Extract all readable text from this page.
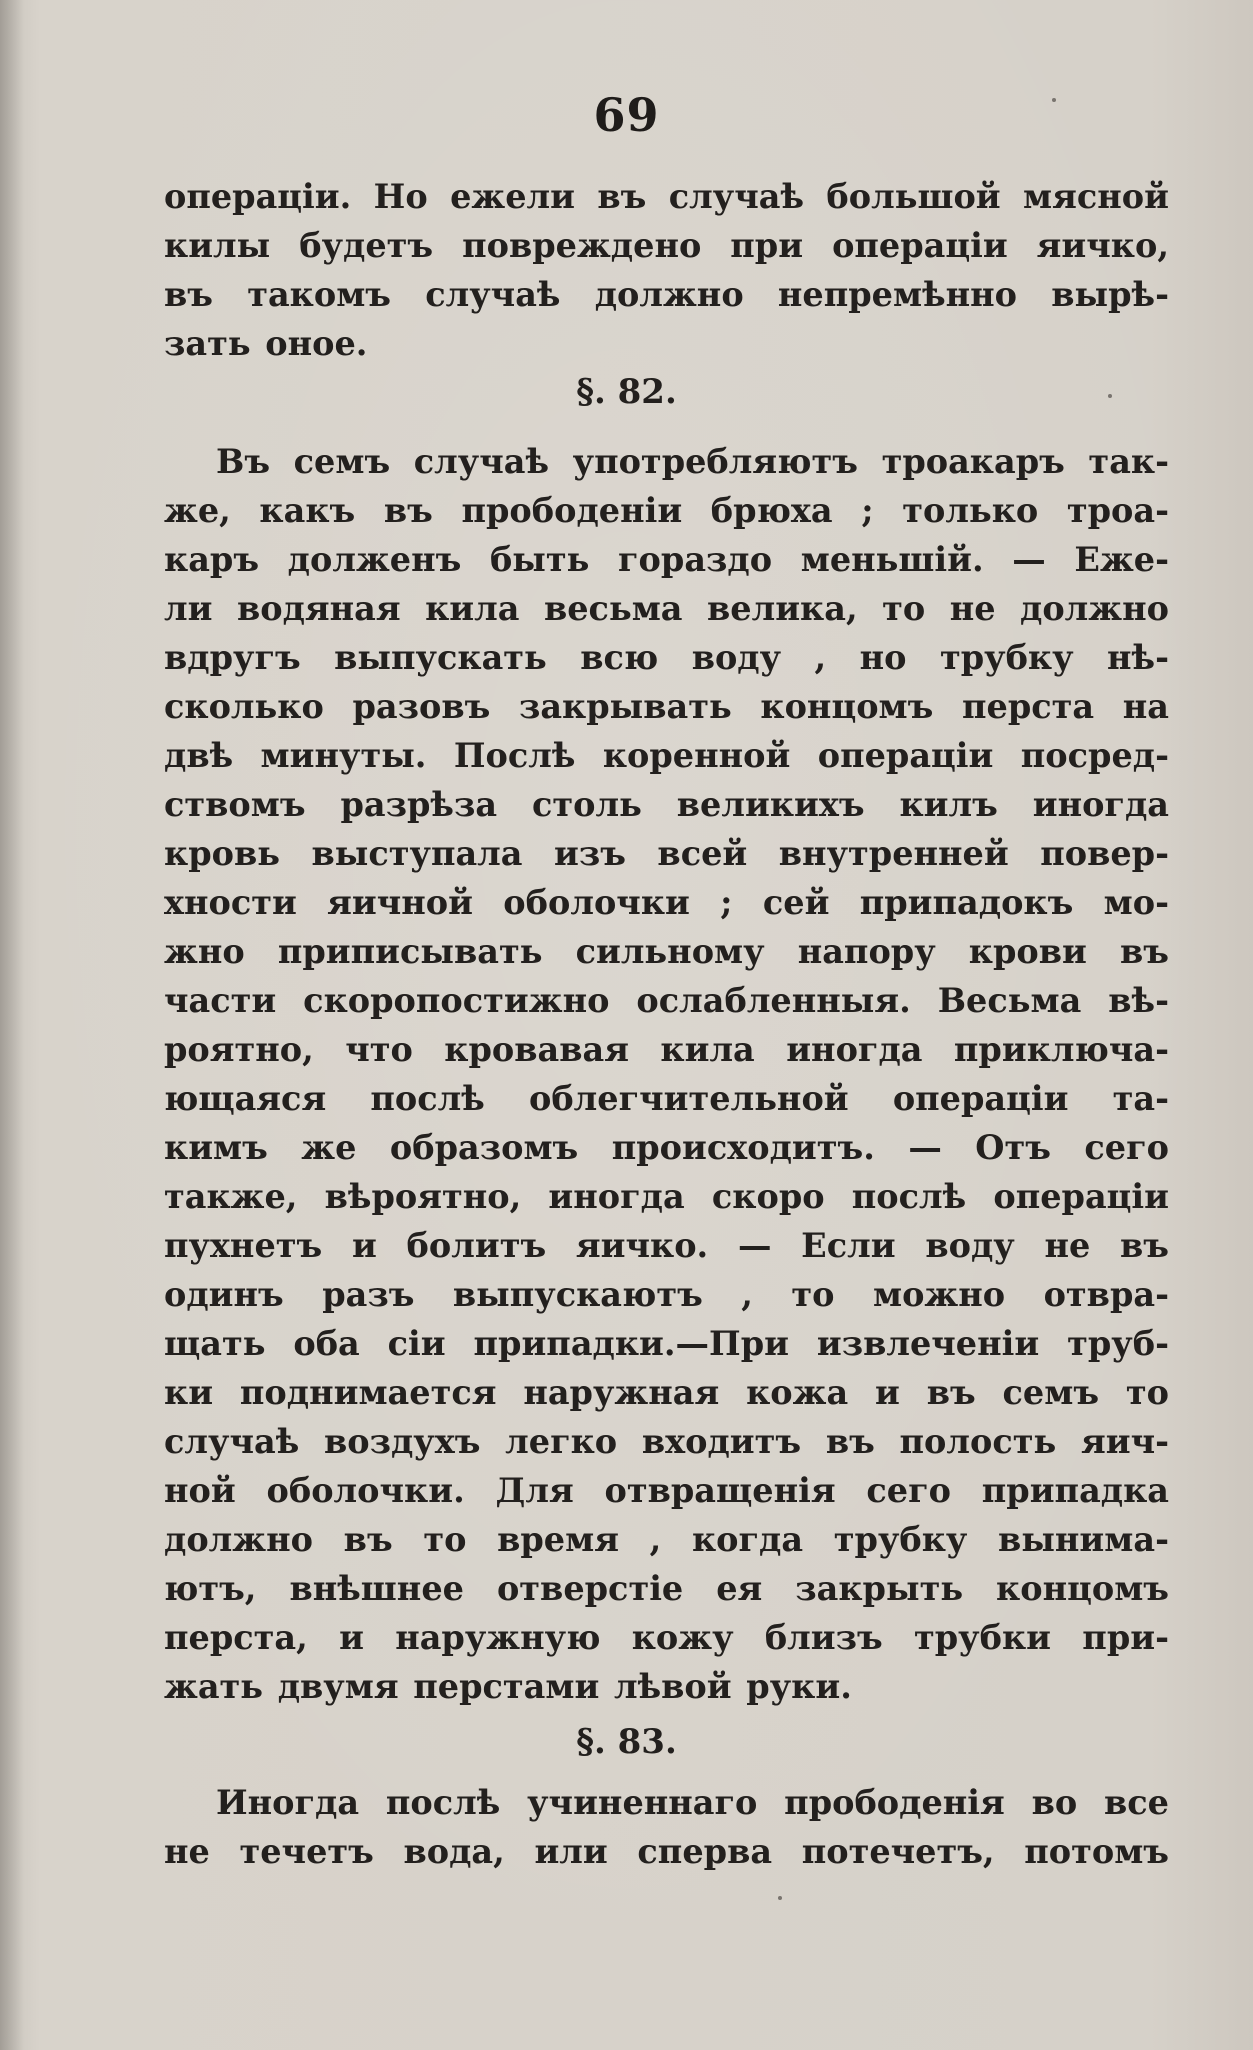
69
операціи. Но ежели въ случаѣ большой мясной
килы будетъ повреждено при операціи яичко,
въ такомъ случаѣ должно непремѣнно вырѣ-
зать оное.
§. 82.
Въ семъ случаѣ употребляютъ троакаръ так-
же, какъ въ прободеніи брюха ; только троа-
каръ долженъ быть гораздо меньшій. — Еже-
ли водяная кила весьма велика, то не должно
вдругъ выпускать всю воду , но трубку нѣ-
сколько разовъ закрывать концомъ перста на
двѣ минуты. Послѣ коренной операціи посред-
ствомъ разрѣза столь великихъ килъ иногда
кровь выступала изъ всей внутренней повер-
хности яичной оболочки ; сей припадокъ мо-
жно приписывать сильному напору крови въ
части скоропостижно ослабленныя. Весьма вѣ-
роятно, что кровавая кила иногда приключа-
ющаяся послѣ облегчительной операціи та-
кимъ же образомъ происходитъ. — Отъ сего
также, вѣроятно, иногда скоро послѣ операціи
пухнетъ и болитъ яичко. — Если воду не въ
одинъ разъ выпускаютъ , то можно отвра-
щать оба сіи припадки.—При извлеченіи труб-
ки поднимается наружная кожа и въ семъ то
случаѣ воздухъ легко входитъ въ полость яич-
ной оболочки. Для отвращенія сего припадка
должно въ то время , когда трубку вынима-
ютъ, внѣшнее отверстіе ея закрыть концомъ
перста, и наружную кожу близъ трубки при-
жать двумя перстами лѣвой руки.
§. 83.
Иногда послѣ учиненнаго прободенія во все
не течетъ вода, или сперва потечетъ, потомъ
